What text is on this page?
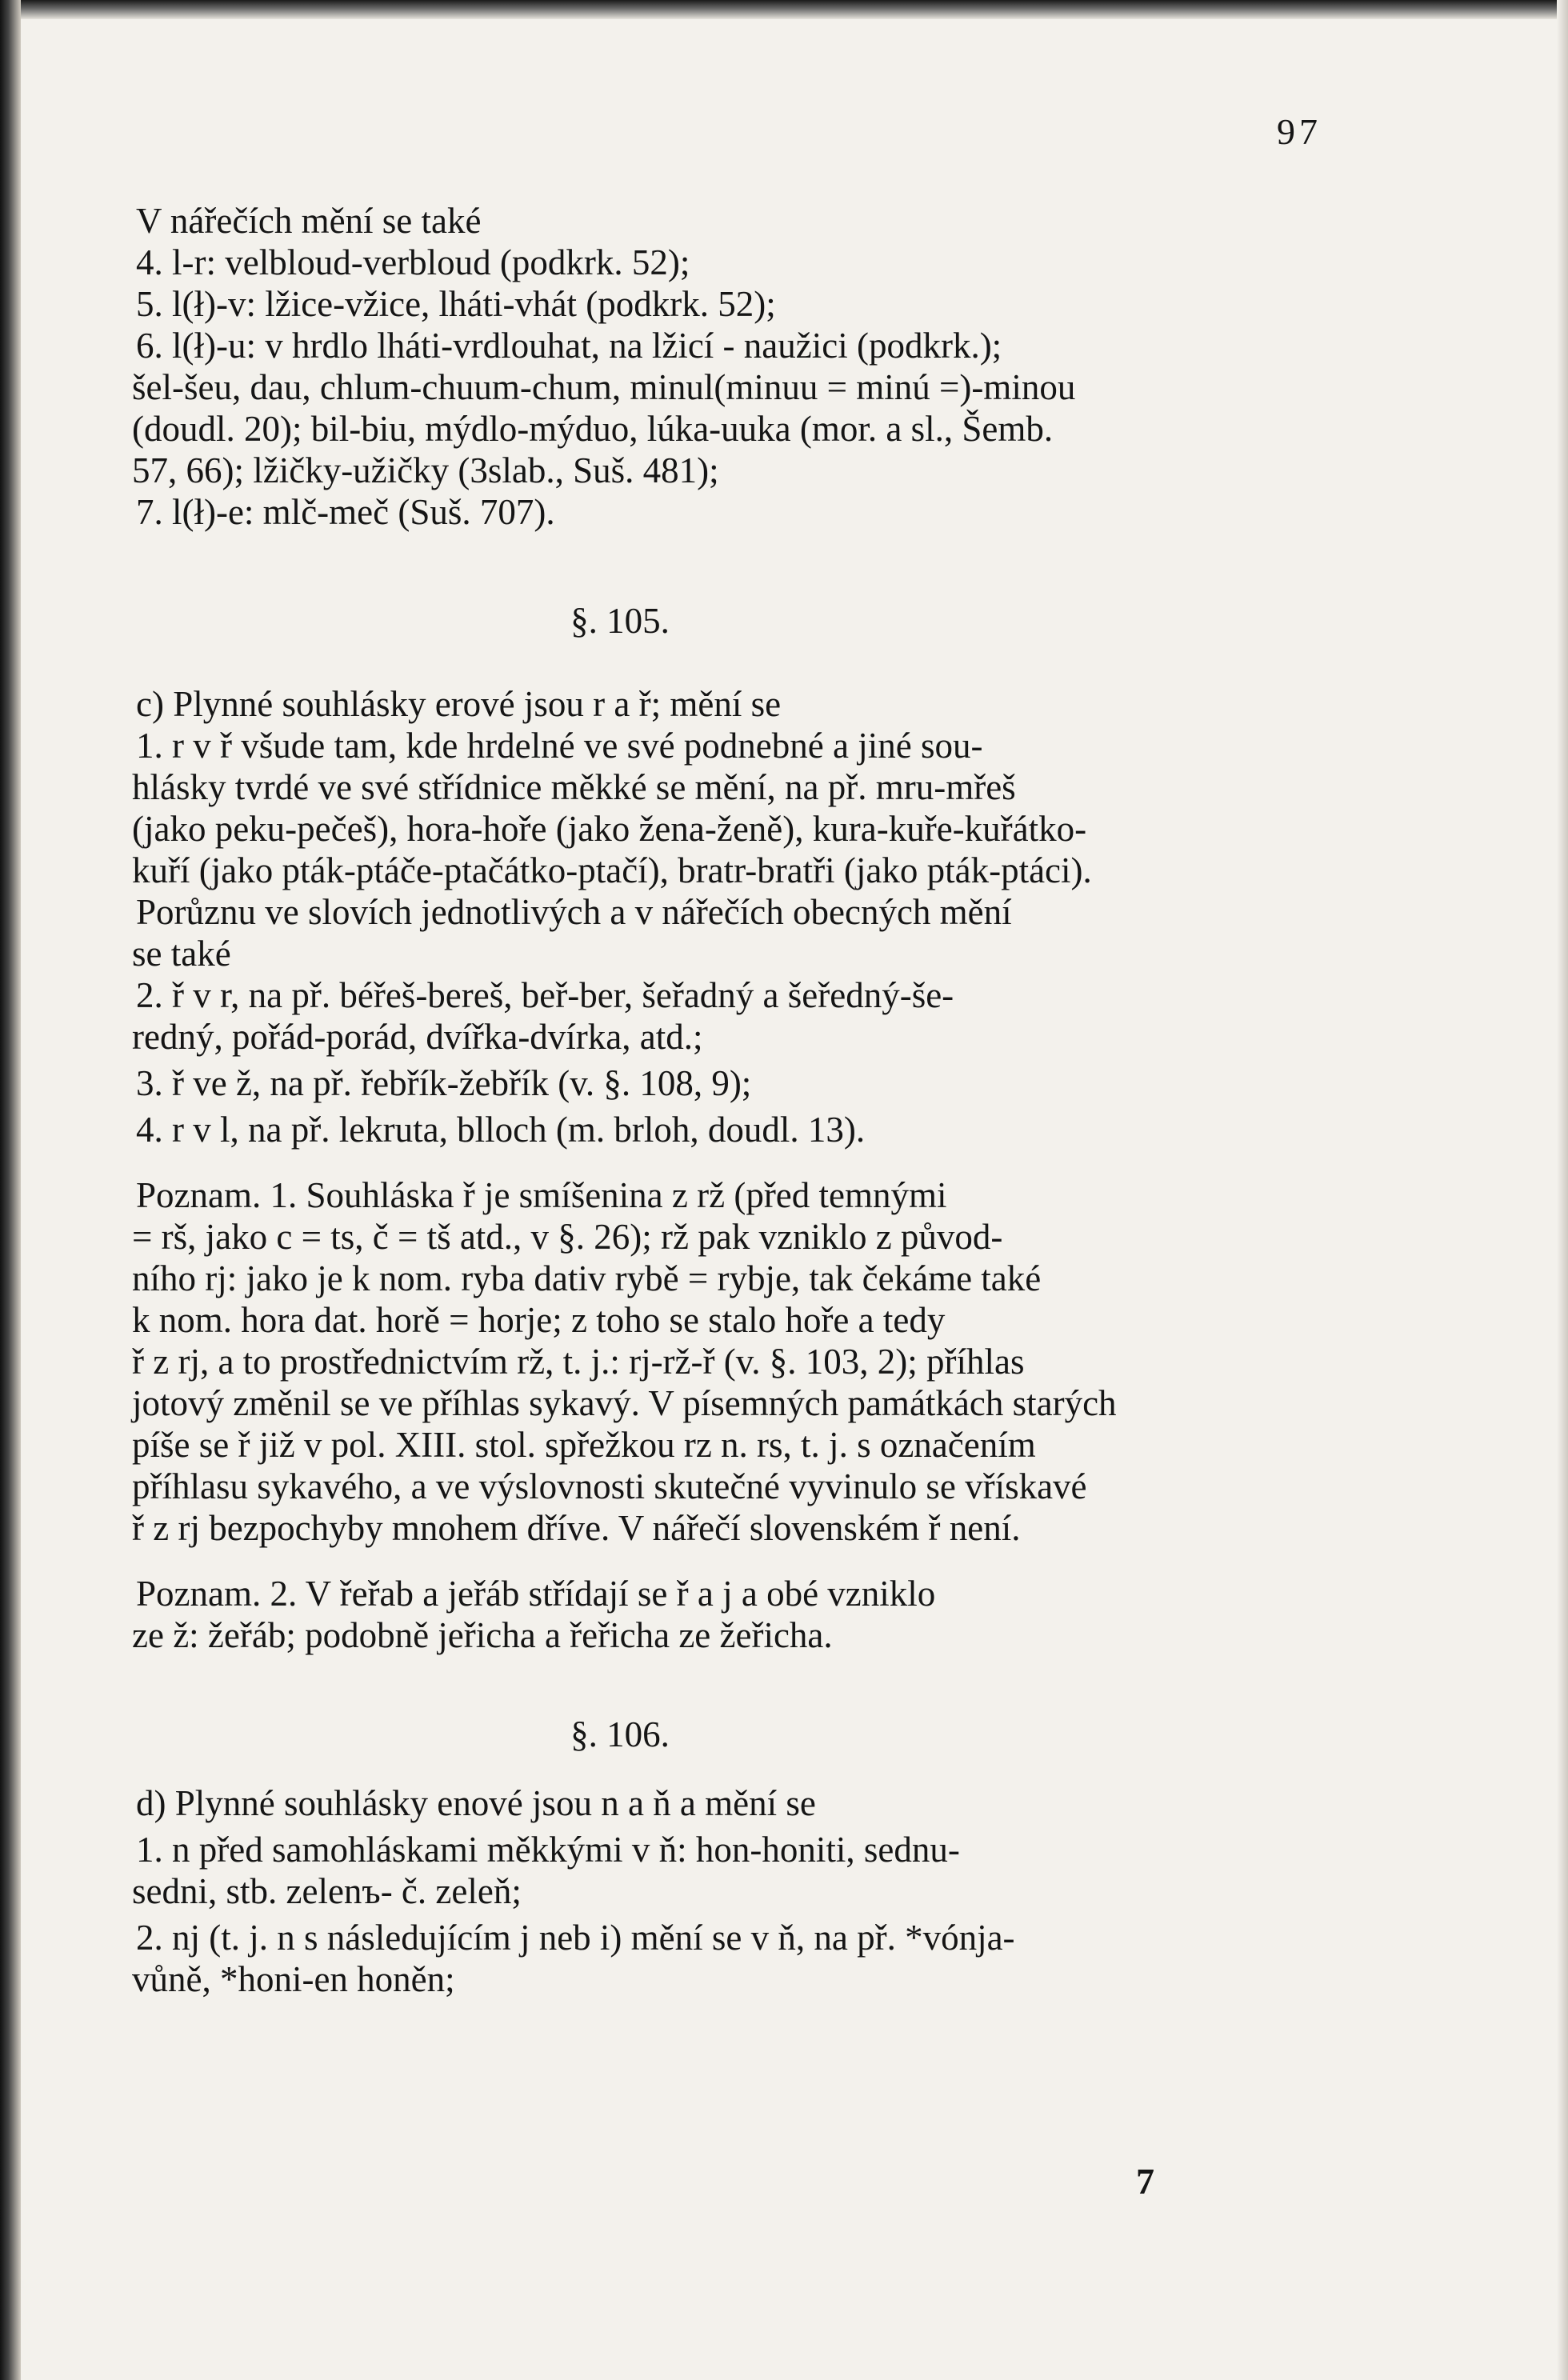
97
V nářečích mění se také
4. l-r: velbloud-verbloud (podkrk. 52);
5. l(ł)-v: lžice-vžice, lháti-vhát (podkrk. 52);
6. l(ł)-u: v hrdlo lháti-vrdlouhat, na lžicí - naužici (podkrk.);
šel-šeu, dau, chlum-chuum-chum, minul(minuu = minú =)-minou
(doudl. 20); bil-biu, mýdlo-mýduo, lúka-uuka (mor. a sl., Šemb.
57, 66); lžičky-užičky (3slab., Suš. 481);
7. l(ł)-e: mlč-meč (Suš. 707).
§. 105.
c) Plynné souhlásky erové jsou r a ř; mění se
1. r v ř všude tam, kde hrdelné ve své podnebné a jiné sou-
hlásky tvrdé ve své střídnice měkké se mění, na př. mru-mřeš
(jako peku-pečeš), hora-hoře (jako žena-ženě), kura-kuře-kuřátko-
kuří (jako pták-ptáče-ptačátko-ptačí), bratr-bratři (jako pták-ptáci).
Porůznu ve slovích jednotlivých a v nářečích obecných mění
se také
2. ř v r, na př. béřeš-bereš, beř-ber, šeřadný a šeředný-še-
redný, pořád-porád, dvířka-dvírka, atd.;
3. ř ve ž, na př. řebřík-žebřík (v. §. 108, 9);
4. r v l, na př. lekruta, blloch (m. brloh, doudl. 13).
Poznam. 1. Souhláska ř je smíšenina z rž (před temnými
= rš, jako c = ts, č = tš atd., v §. 26); rž pak vzniklo z původ-
ního rj: jako je k nom. ryba dativ rybě = rybje, tak čekáme také
k nom. hora dat. horě = horje; z toho se stalo hoře a tedy
ř z rj, a to prostřednictvím rž, t. j.: rj-rž-ř (v. §. 103, 2); příhlas
jotový změnil se ve příhlas sykavý. V písemných památkách starých
píše se ř již v pol. XIII. stol. spřežkou rz n. rs, t. j. s označením
příhlasu sykavého, a ve výslovnosti skutečné vyvinulo se vřískavé
ř z rj bezpochyby mnohem dříve. V nářečí slovenském ř není.
Poznam. 2. V řeřab a jeřáb střídají se ř a j a obé vzniklo
ze ž: žeřáb; podobně jeřicha a řeřicha ze žeřicha.
§. 106.
d) Plynné souhlásky enové jsou n a ň a mění se
1. n před samohláskami měkkými v ň: hon-honiti, sednu-
sedni, stb. zelenъ- č. zeleň;
2. nj (t. j. n s následujícím j neb i) mění se v ň, na př. *vónja-
vůně, *honi-en honěn;
7
